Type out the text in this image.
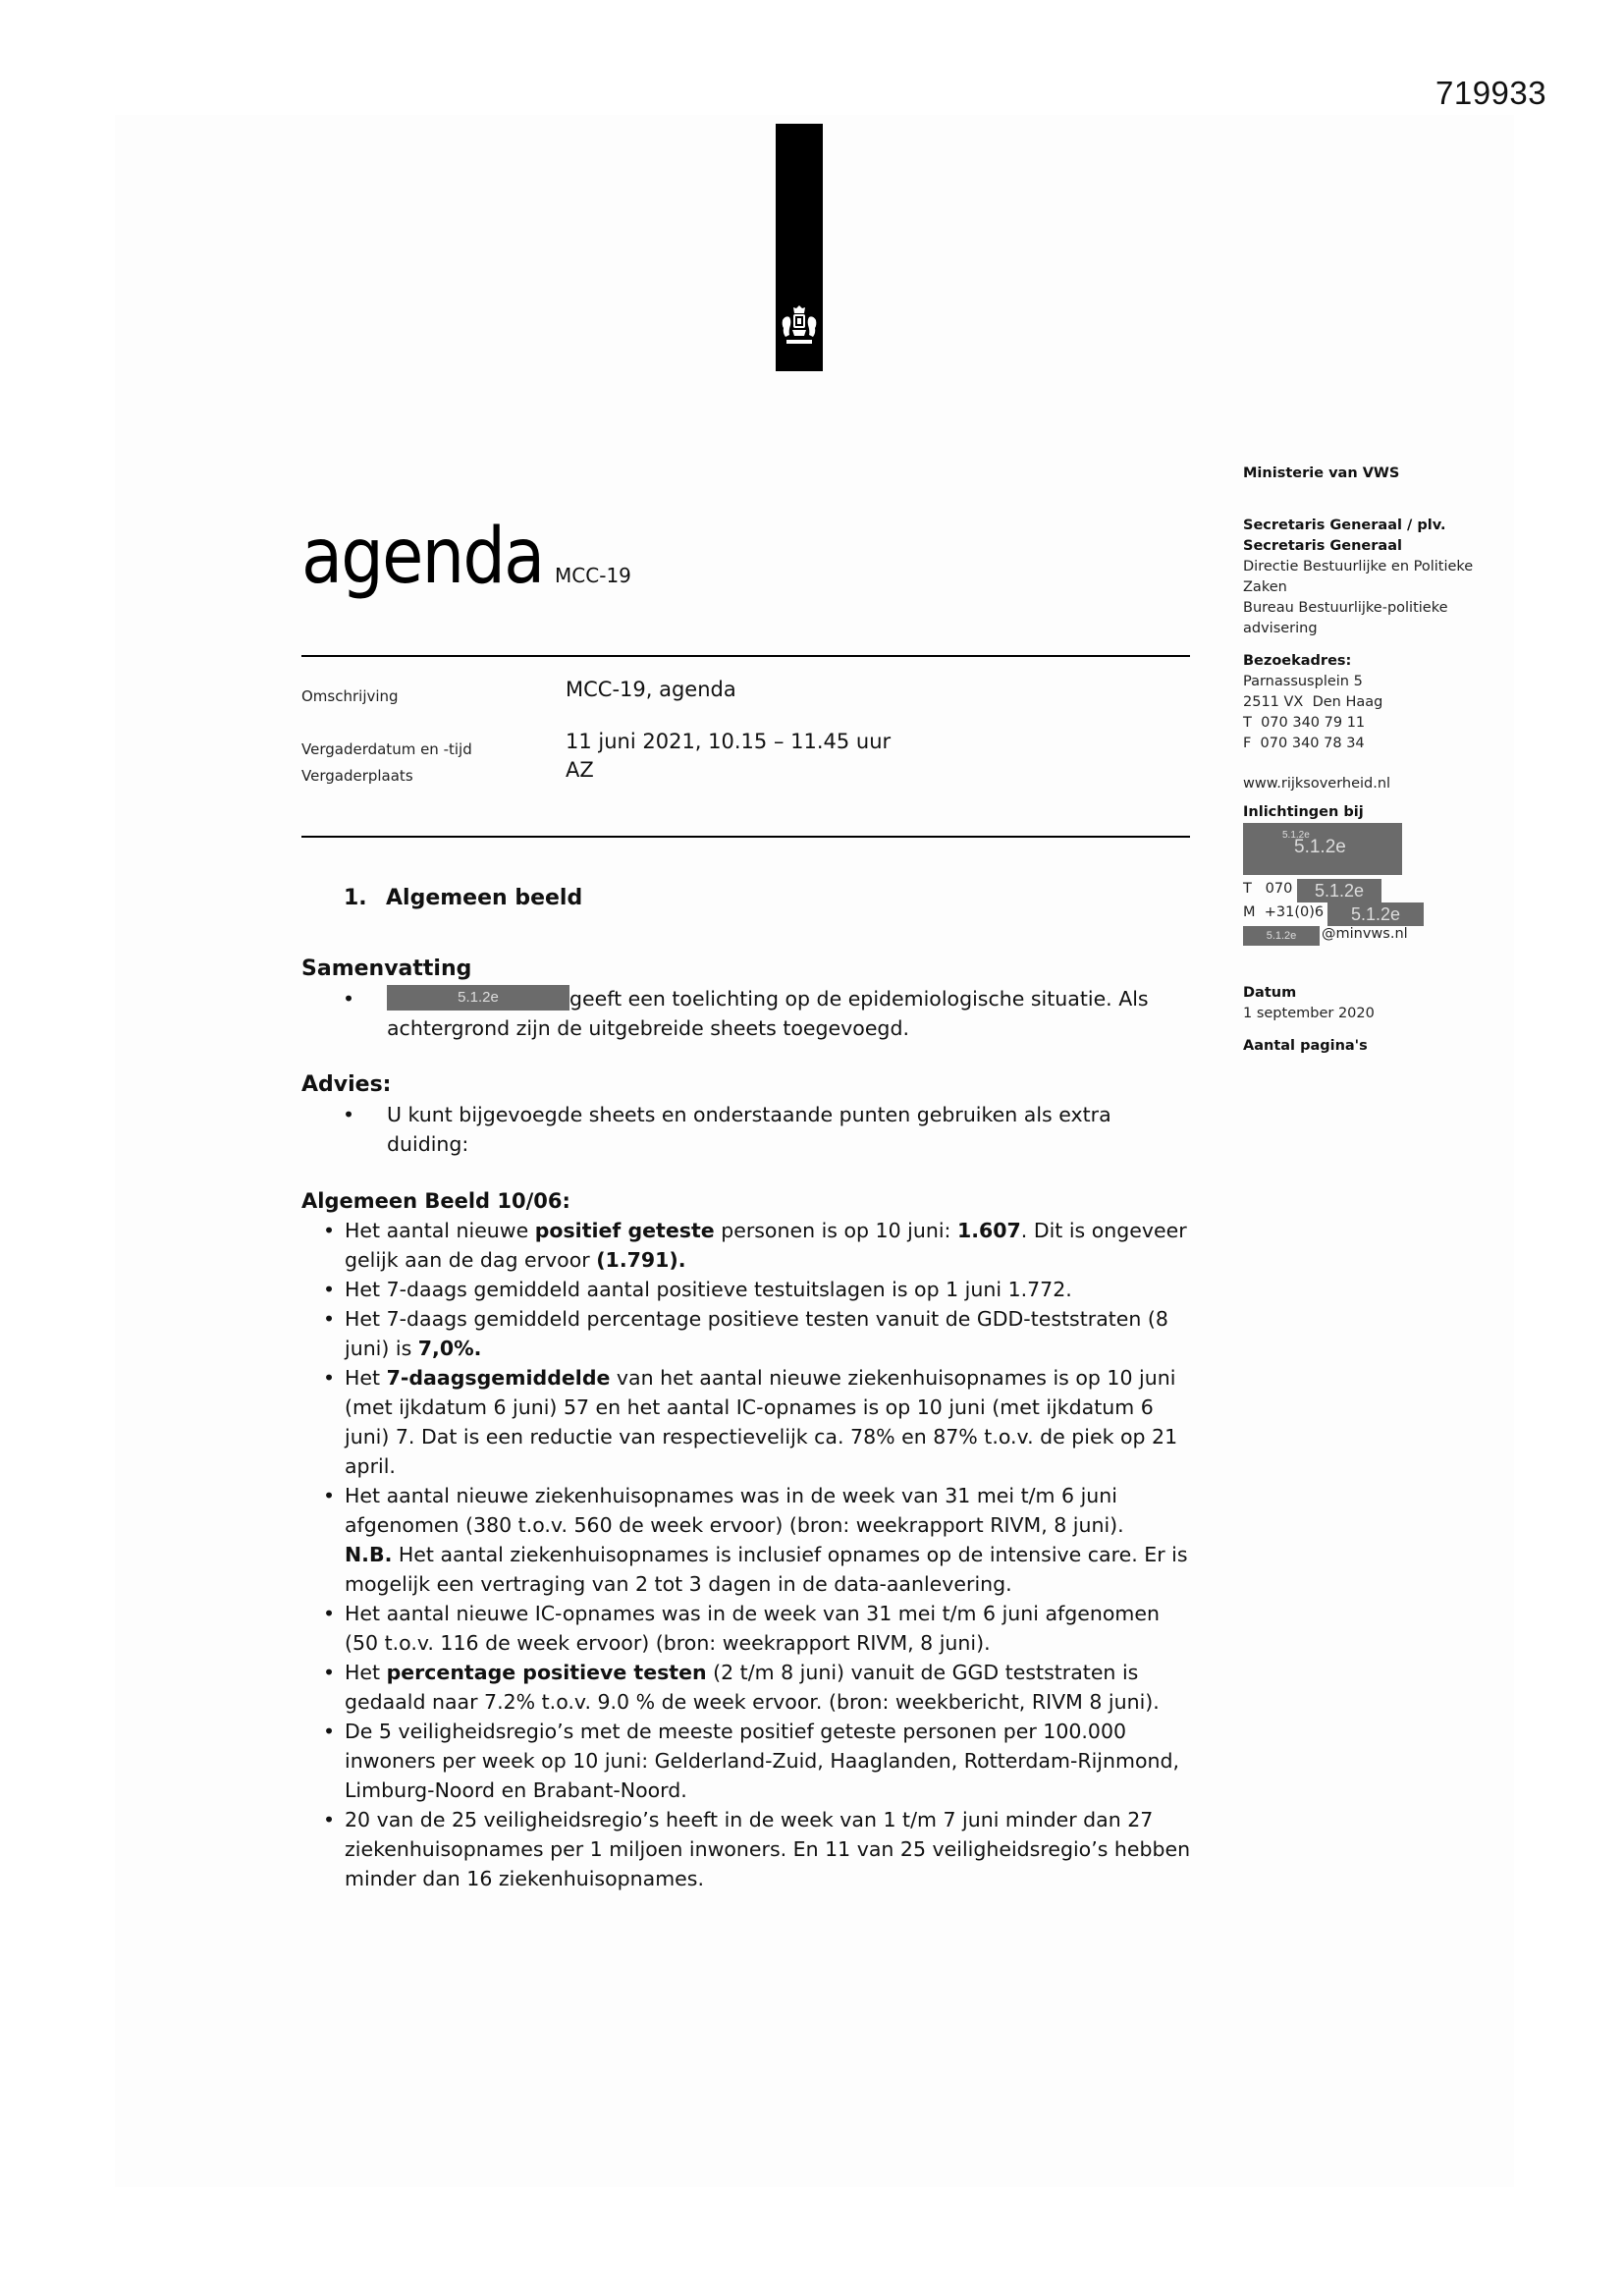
719933
agenda MCC-19
Omschrijving	MCC-19, agenda
Vergaderdatum en -tijd	11 juni 2021, 10.15 – 11.45 uur
Vergaderplaats	AZ
1. Algemeen beeld
Samenvatting
• 5.1.2e	geeft een toelichting op de epidemiologische situatie. Als achtergrond zijn de uitgebreide sheets toegevoegd.
Advies:
• U kunt bijgevoegde sheets en onderstaande punten gebruiken als extra duiding:
Algemeen Beeld 10/06:
• Het aantal nieuwe positief geteste personen is op 10 juni: 1.607. Dit is ongeveer gelijk aan de dag ervoor (1.791).
• Het 7-daags gemiddeld aantal positieve testuitslagen is op 1 juni 1.772.
• Het 7-daags gemiddeld percentage positieve testen vanuit de GDD-teststraten (8 juni) is 7,0%.
• Het 7-daagsgemiddelde van het aantal nieuwe ziekenhuisopnames is op 10 juni (met ijkdatum 6 juni) 57 en het aantal IC-opnames is op 10 juni (met ijkdatum 6 juni) 7. Dat is een reductie van respectievelijk ca. 78% en 87% t.o.v. de piek op 21 april.
• Het aantal nieuwe ziekenhuisopnames was in de week van 31 mei t/m 6 juni afgenomen (380 t.o.v. 560 de week ervoor) (bron: weekrapport RIVM, 8 juni).
N.B. Het aantal ziekenhuisopnames is inclusief opnames op de intensive care. Er is mogelijk een vertraging van 2 tot 3 dagen in de data-aanlevering.
• Het aantal nieuwe IC-opnames was in de week van 31 mei t/m 6 juni afgenomen (50 t.o.v. 116 de week ervoor) (bron: weekrapport RIVM, 8 juni).
• Het percentage positieve testen (2 t/m 8 juni) vanuit de GGD teststraten is gedaald naar 7.2% t.o.v. 9.0 % de week ervoor. (bron: weekbericht, RIVM 8 juni).
• De 5 veiligheidsregio’s met de meeste positief geteste personen per 100.000 inwoners per week op 10 juni: Gelderland-Zuid, Haaglanden, Rotterdam-Rijnmond, Limburg-Noord en Brabant-Noord.
• 20 van de 25 veiligheidsregio’s heeft in de week van 1 t/m 7 juni minder dan 27 ziekenhuisopnames per 1 miljoen inwoners. En 11 van 25 veiligheidsregio’s hebben minder dan 16 ziekenhuisopnames.
Ministerie van VWS
Secretaris Generaal / plv.
Secretaris Generaal
Directie Bestuurlijke en Politieke
Zaken
Bureau Bestuurlijke-politieke
advisering
Bezoekadres:
Parnassusplein 5
2511 VX  Den Haag
T  070 340 79 11
F  070 340 78 34
www.rijksoverheid.nl
Inlichtingen bij
5.1.2e
5.1.2e
T   070	5.1.2e
M  +31(0)6	5.1.2e
5.1.2e	@minvws.nl
Datum
1 september 2020
Aantal pagina's
